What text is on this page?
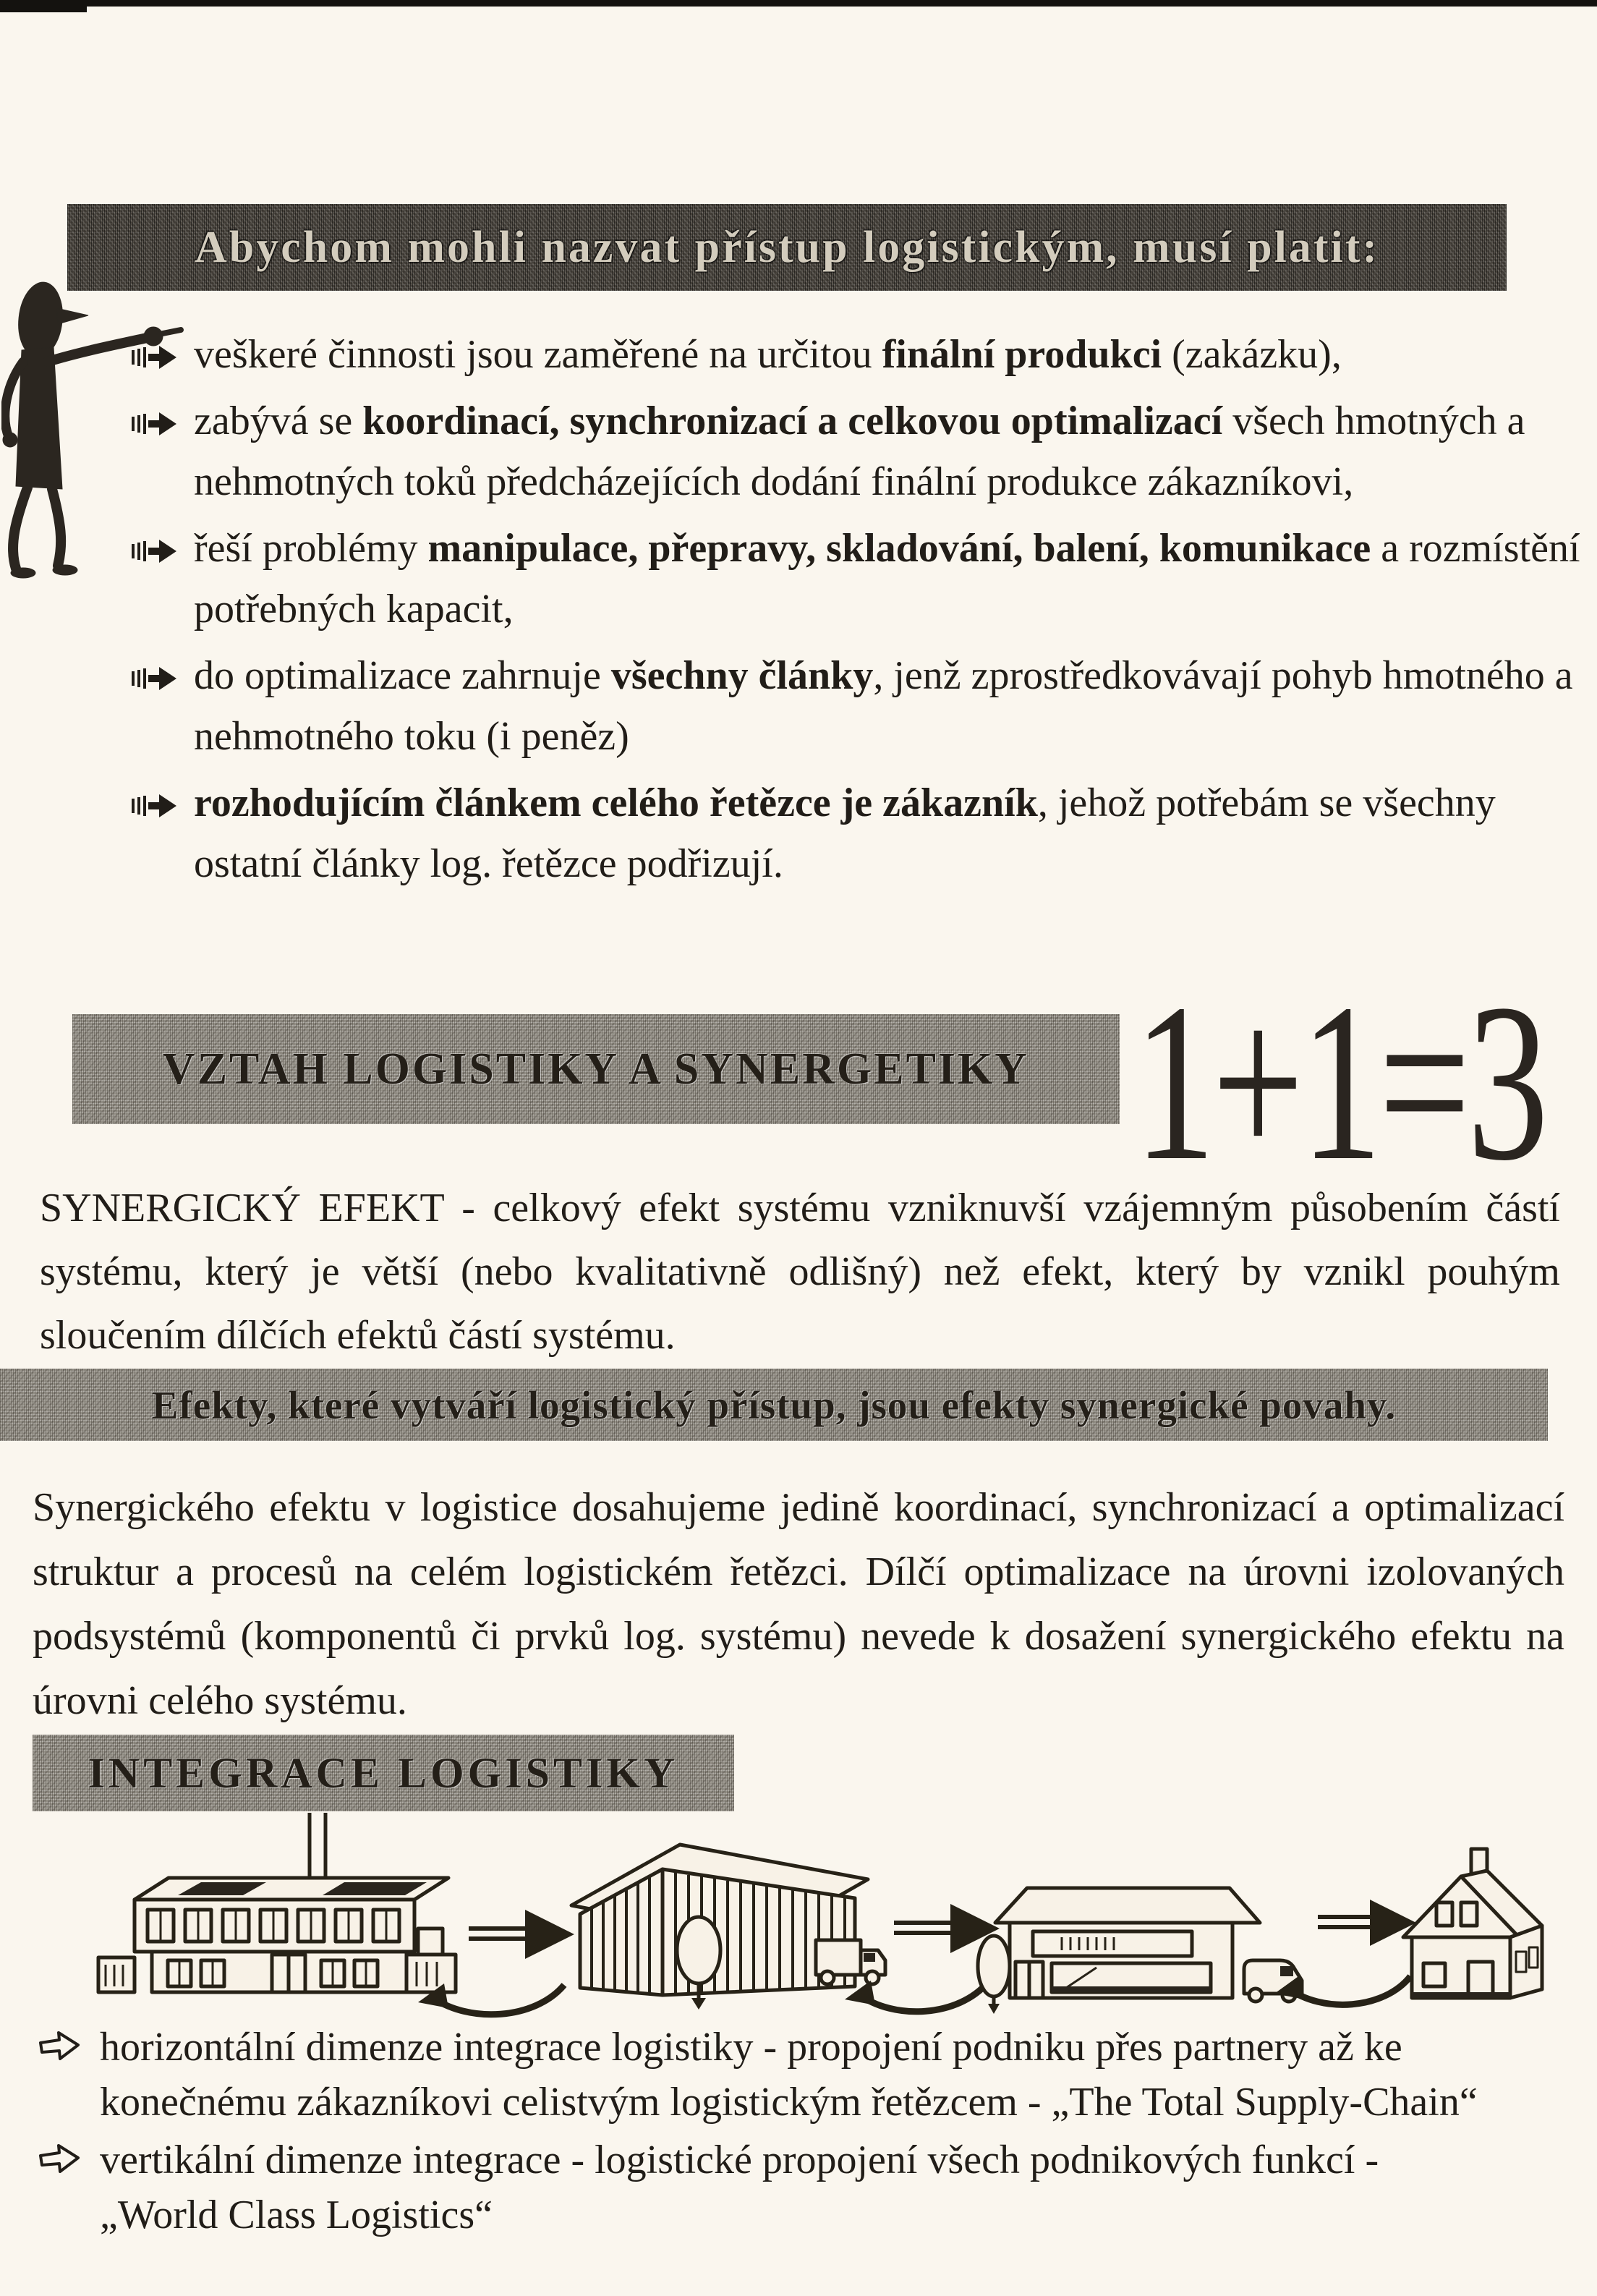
Abychom mohli nazvat přístup logistickým, musí platit:
veškeré činnosti jsou zaměřené na určitou finální produkci (zakázku),
zabývá se koordinací, synchronizací a celkovou optimalizací všech hmotných a nehmotných toků předcházejících dodání finální produkce zákazníkovi,
řeší problémy manipulace, přepravy, skladování, balení, komunikace a rozmístění potřebných kapacit,
do optimalizace zahrnuje všechny články, jenž zprostředkovávají pohyb hmotného a nehmotného toku (i peněz)
rozhodujícím článkem celého řetězce je zákazník, jehož potřebám se všechny ostatní články log. řetězce podřizují.
VZTAH LOGISTIKY A SYNERGETIKY 1+1=3

SYNERGICKÝ EFEKT - celkový efekt systému vzniknuvší vzájemným působením částí systému, který je větší (nebo kvalitativně odlišný) než efekt, který by vznikl pouhým sloučením dílčích efektů částí systému.

Efekty, které vytváří logistický přístup, jsou efekty synergické povahy.

Synergického efektu v logistice dosahujeme jedině koordinací, synchronizací a optimalizací struktur a procesů na celém logistickém řetězci. Dílčí optimalizace na úrovni izolovaných podsystémů (komponentů či prvků log. systému) nevede k dosažení synergického efektu na úrovni celého systému.

INTEGRACE LOGISTIKY
horizontální dimenze integrace logistiky - propojení podniku přes partnery až ke konečnému zákazníkovi celistvým logistickým řetězcem - „The Total Supply-Chain“
vertikální dimenze integrace - logistické propojení všech podnikových funkcí - „World Class Logistics“
